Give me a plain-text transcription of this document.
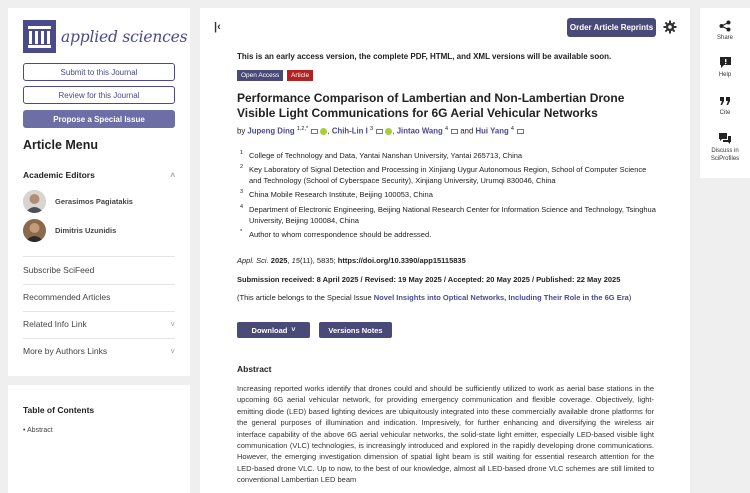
applied sciences
Submit to this Journal
Review for this Journal
Propose a Special Issue
Article Menu
Academic Editors	˄
Gerasimos Pagiatakis
Dimitris Uzunidis
Subscribe SciFeed
Recommended Articles
Related Info Link	˅
More by Authors Links	˅
Table of Contents
• Abstract
|‹	Order Article Reprints
This is an early access version, the complete PDF, HTML, and XML versions will be available soon.
Open Access	Article
Performance Comparison of Lambertian and Non-Lambertian Drone Visible Light Communications for 6G Aerial Vehicular Networks
by Jupeng Ding $^{1,2,*}$ , Chih-Lin I $^3$ , Jintao Wang $^4$ and Hui Yang $^4$
1 College of Technology and Data, Yantai Nanshan University, Yantai 265713, China
2 Key Laboratory of Signal Detection and Processing in Xinjiang Uygur Autonomous Region, School of Computer Science and Technology (School of Cyberspace Security), Xinjiang University, Urumqi 830046, China
3 China Mobile Research Institute, Beijing 100053, China
4 Department of Electronic Engineering, Beijing National Research Center for Information Science and Technology, Tsinghua University, Beijing 100084, China
* Author to whom correspondence should be addressed.
Appl. Sci. 2025, 15(11), 5835; https://doi.org/10.3390/app15115835
Submission received: 8 April 2025 / Revised: 19 May 2025 / Accepted: 20 May 2025 / Published: 22 May 2025
(This article belongs to the Special Issue Novel Insights into Optical Networks, Including Their Role in the 6G Era)
Download ˅	Versions Notes
Abstract
Increasing reported works identify that drones could and should be sufficiently utilized to work as aerial base stations in the upcoming 6G aerial vehicular network, for providing emergency communication and flexible coverage. Objectively, light-emitting diode (LED) based lighting devices are ubiquitously integrated into these commercially available drone platforms for the general purposes of illumination and indication. Impresively, for further enhancing and diversifying the wireless air interface capability of the above 6G aerial vehicular networks, the solid-state light emitter, especially LED-based visible light communication (VLC) technologies, is increasingly introduced and explored in the rapidly developing drone communications. However, the emerging investigation dimension of spatial light beam is still waiting for essential research attention for the LED-based drone VLC. Up to now, to the best of our knowledge, almost all LED-based drone VLC schemes are still limited to conventional Lambertian LED beam
Share
Help
Cite
Discuss in SciProfiles
